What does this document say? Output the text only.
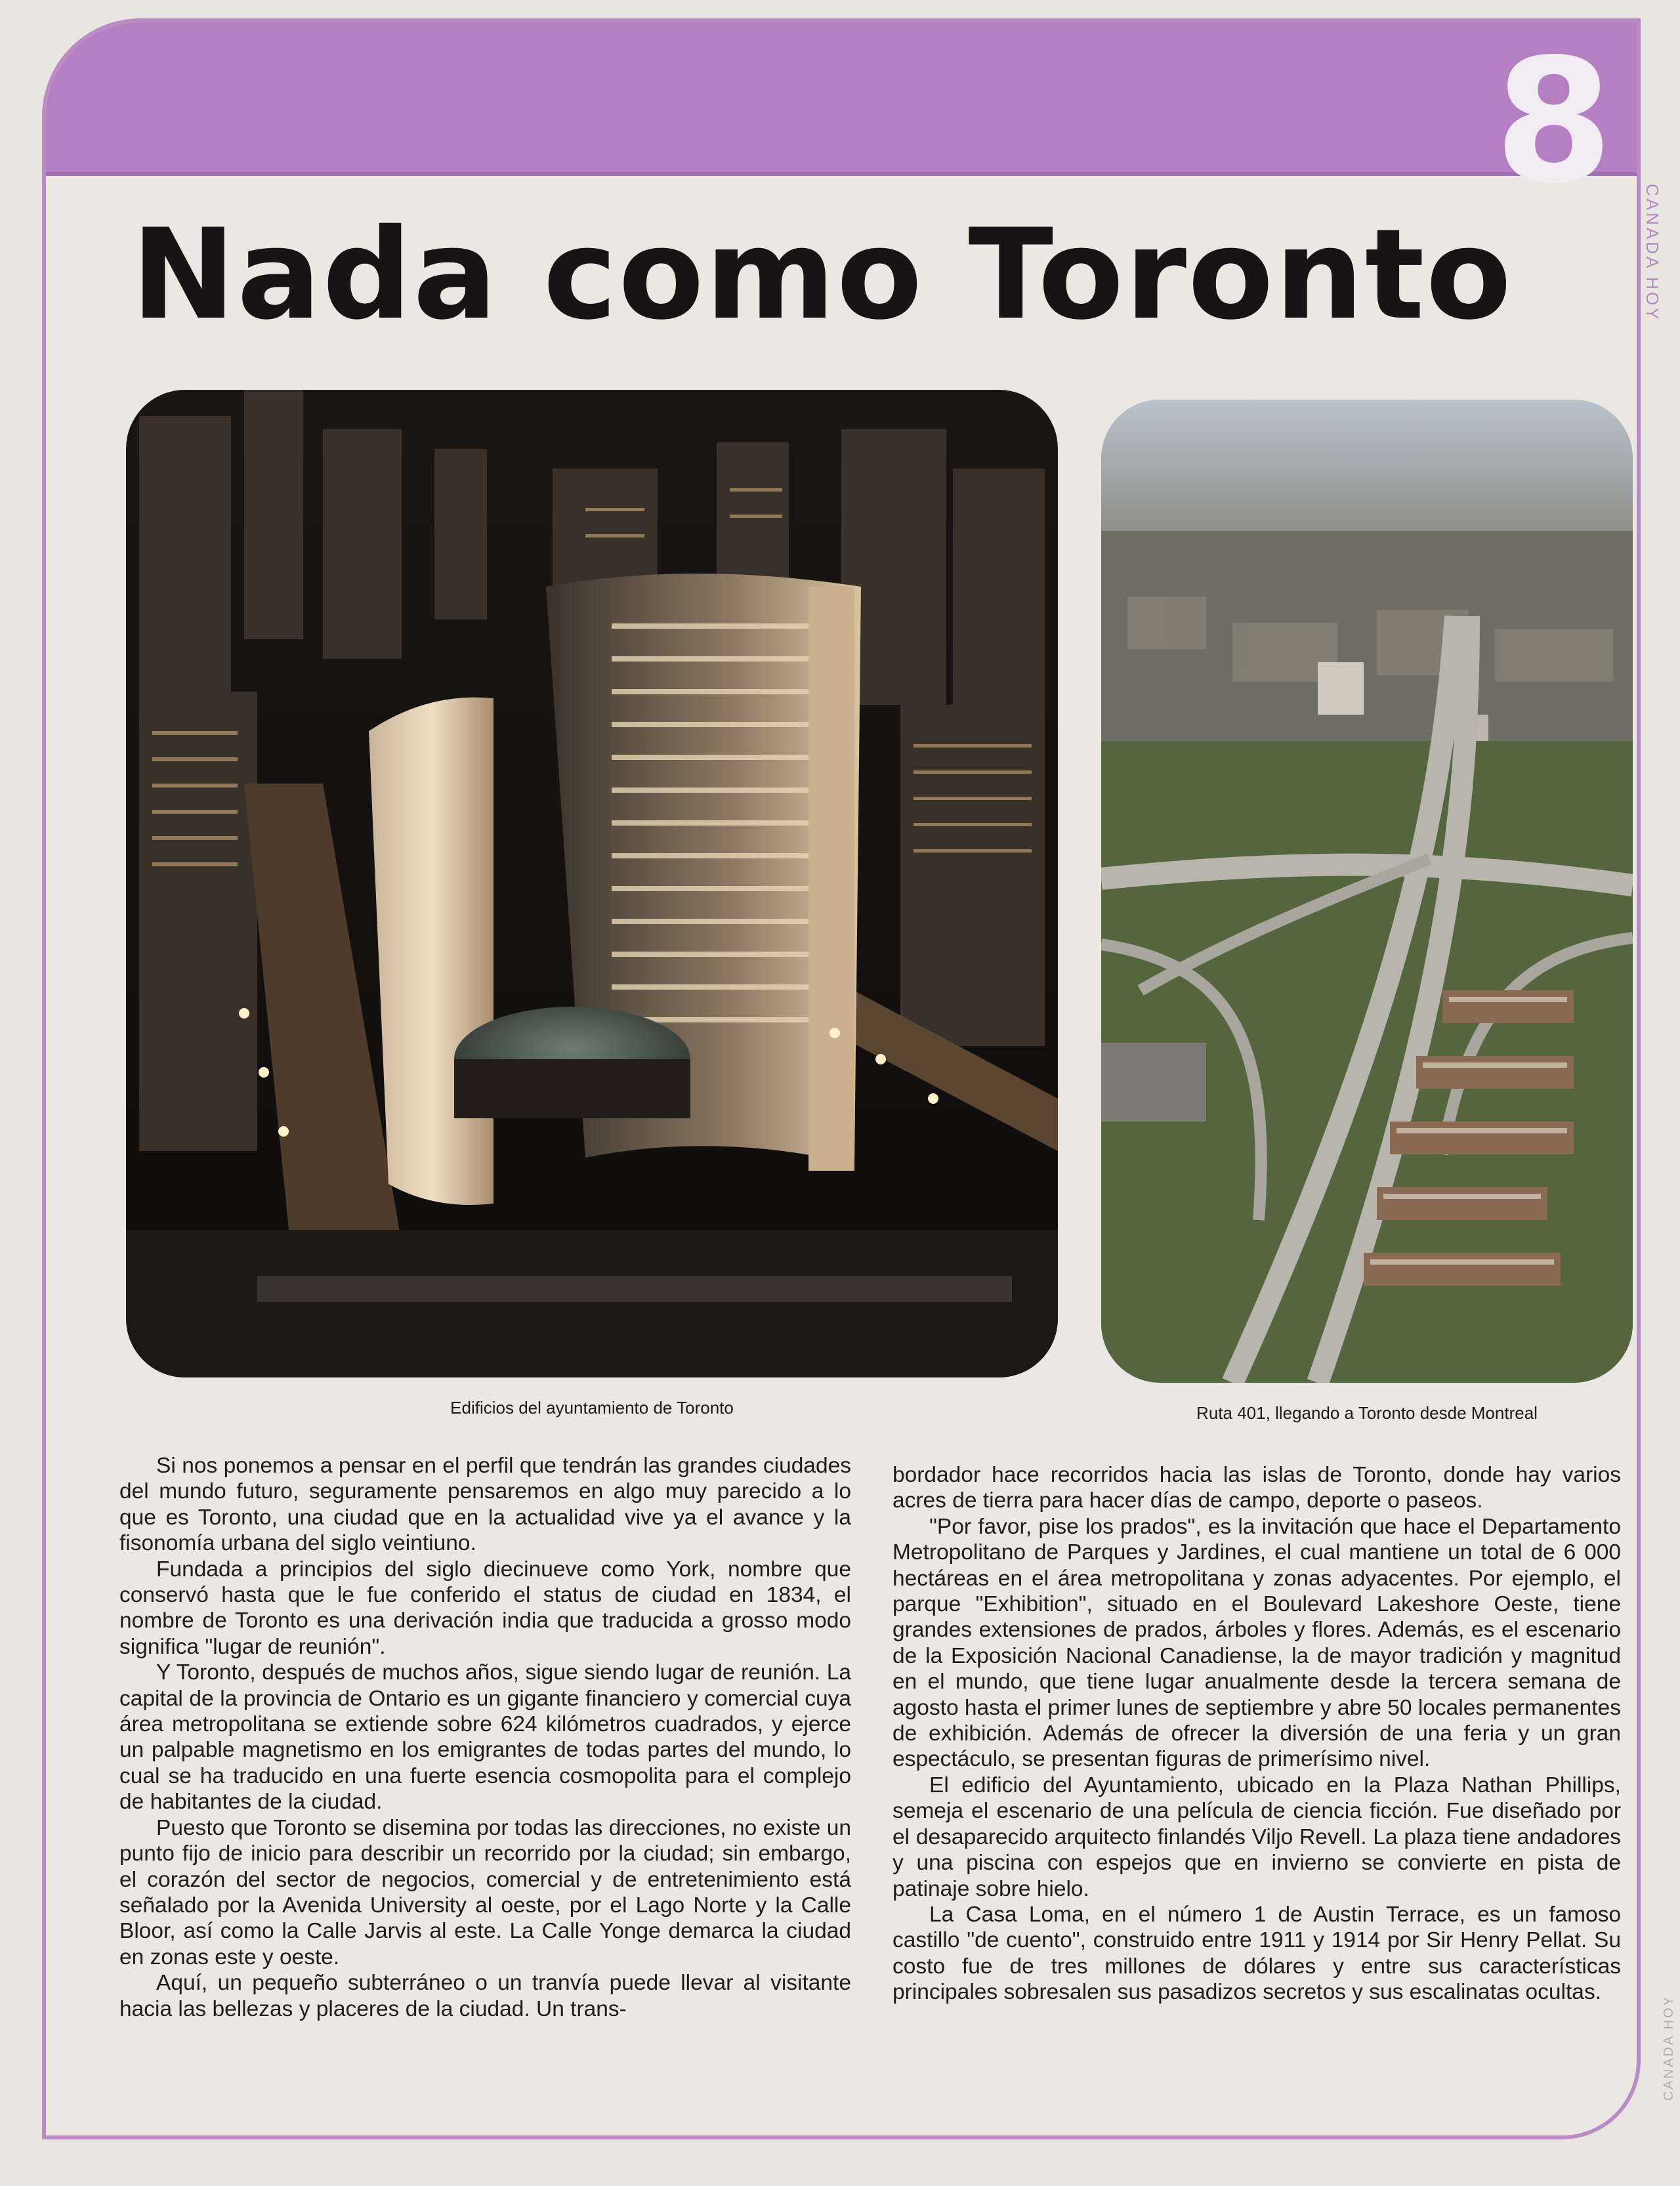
8
Nada como Toronto
Edificios del ayuntamiento de Toronto	Ruta 401, llegando a Toronto desde Montreal

Si nos ponemos a pensar en el perfil que tendrán las grandes ciudades del mundo futuro, seguramente pensaremos en algo muy parecido a lo que es Toronto, una ciudad que en la actualidad vive ya el avance y la fisonomía urbana del siglo veintiuno.

Fundada a principios del siglo diecinueve como York, nombre que conservó hasta que le fue conferido el status de ciudad en 1834, el nombre de Toronto es una derivación india que traducida a grosso modo significa "lugar de reunión".

Y Toronto, después de muchos años, sigue siendo lugar de reunión. La capital de la provincia de Ontario es un gigante financiero y comercial cuya área metropolitana se extiende sobre 624 kilómetros cuadrados, y ejerce un palpable magnetismo en los emigrantes de todas partes del mundo, lo cual se ha traducido en una fuerte esencia cosmopolita para el complejo de habitantes de la ciudad.

Puesto que Toronto se disemina por todas las direcciones, no existe un punto fijo de inicio para describir un recorrido por la ciudad; sin embargo, el corazón del sector de negocios, comercial y de entretenimiento está señalado por la Avenida University al oeste, por el Lago Norte y la Calle Bloor, así como la Calle Jarvis al este. La Calle Yonge demarca la ciudad en zonas este y oeste.

Aquí, un pequeño subterráneo o un tranvía puede llevar al visitante hacia las bellezas y placeres de la ciudad. Un trans-

bordador hace recorridos hacia las islas de Toronto, donde hay varios acres de tierra para hacer días de campo, deporte o paseos.

"Por favor, pise los prados", es la invitación que hace el Departamento Metropolitano de Parques y Jardines, el cual mantiene un total de 6 000 hectáreas en el área metropolitana y zonas adyacentes. Por ejemplo, el parque "Exhibition", situado en el Boulevard Lakeshore Oeste, tiene grandes extensiones de prados, árboles y flores. Además, es el escenario de la Exposición Nacional Canadiense, la de mayor tradición y magnitud en el mundo, que tiene lugar anualmente desde la tercera semana de agosto hasta el primer lunes de septiembre y abre 50 locales permanentes de exhibición. Además de ofrecer la diversión de una feria y un gran espectáculo, se presentan figuras de primerísimo nivel.

El edificio del Ayuntamiento, ubicado en la Plaza Nathan Phillips, semeja el escenario de una película de ciencia ficción. Fue diseñado por el desaparecido arquitecto finlandés Viljo Revell. La plaza tiene andadores y una piscina con espejos que en invierno se convierte en pista de patinaje sobre hielo.

La Casa Loma, en el número 1 de Austin Terrace, es un famoso castillo "de cuento", construido entre 1911 y 1914 por Sir Henry Pellat. Su costo fue de tres millones de dólares y entre sus características principales sobresalen sus pasadizos secretos y sus escalinatas ocultas.

CANADA HOY
CANADA HOY
